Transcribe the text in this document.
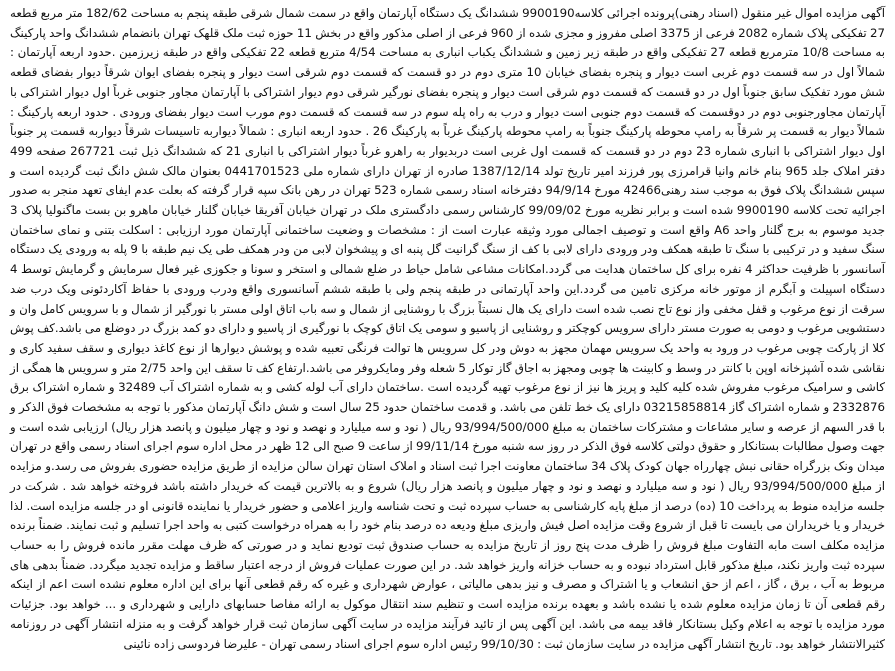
آگهی مزایده اموال غیر منقول (اسناد رهنی)پرونده اجرائی کلاسه9900190 ششدانگ یک دستگاه آپارتمان واقع در سمت شمال شرقی طبقه پنجم به مساحت 182/62 متر مربع قطعه 27 تفکیکی پلاک شماره 2082 فرعی از 3375 اصلی مفروز و مجزی شده از 960 فرعی از اصلی مذکور واقع در بخش 11 حوزه ثبت ملک قلهک تهران بانضمام ششدانگ واحد پارکینگ به مساحت 10/8 مترمربع قطعه 27 تفکیکی واقع در طبقه زیر زمین و ششدانگ یکباب انباری به مساحت 4/54 متربع قطعه 22 تفکیکی واقع در طبقه زیرزمین .حدود اربعه آپارتمان : شمالاً اول در سه قسمت دوم غربی است دیوار و پنجره بفضای خیابان 10 متری دوم در دو قسمت که قسمت دوم شرقی است دیوار و پنجره بفضای ایوان شرقاً دیوار بفضای قطعه شش مورد تفکیک سابق جنوباً اول در دو قسمت که قسمت دوم شرقی است دیوار و پنجره بفضای نورگیر شرقی دوم دیوار اشتراکی با آپارتمان مجاور جنوبی غرباً اول دیوار اشتراکی با آپارتمان مجاورجنوبی دوم در دوقسمت که قسمت دوم جنوبی است دیوار و درب به راه پله سوم در سه قسمت که قسمت دوم مورب است دیوار بفضای ورودی . حدود اربعه پارکینگ : شمالاً دیوار به قسمت پر شرقاً به رامپ محوطه پارکینگ جنوباً به رامپ محوطه پارکینگ غرباً به پارکینگ 26 . حدود اربعه انباری : شمالاً دیواربه تاسیسات شرقاً دیواربه قسمت پر جنوباً اول دیوار اشتراکی با انباری شماره 23 دوم در دو قسمت که قسمت اول غربی است دربدیوار به راهرو غرباً دیوار اشتراکی با انباری 21 که ششدانگ ذیل ثبت 267721 صفحه 499 دفتر املاک جلد 965 بنام خانم وانیا قرامرزی پور فرزند امیر تاریخ تولد 1387/12/14 صادره از تهران دارای شماره ملی 0441701523 بعنوان مالک شش دانگ ثبت گردیده است و سپس ششدانگ پلاک فوق به موجب سند رهنی42466 مورخ 94/9/14 دفترخانه اسناد رسمی شماره 523 تهران در رهن بانک سپه قرار گرفته که بعلت عدم ایفای تعهد منجر به صدور اجرائیه تحت کلاسه 9900190 شده است و برابر نظریه مورخ 99/09/02 کارشناس رسمی دادگستری ملک در تهران خیابان آفریقا خیابان گلنار خیابان ماهرو بن بست ماگنولیا پلاک 3 جدید موسوم به برج گلنار واحد A6 واقع است و توصیف اجمالی مورد وثیقه عبارت است از : مشخصات و وضعیت ساختمانی آپارتمان مورد ارزیابی : اسکلت بتنی و نمای ساختمان سنگ سفید و در ترکیبی با سنگ تا طبقه همکف ودر ورودی دارای لابی با کف از سنگ گرانیت گل پنبه ای و پیشخوان لابی من ودر همکف طی یک نیم طبقه با 9 پله به ورودی یک دستگاه آسانسور با ظرفیت حداکثر 4 نفره برای کل ساختمان هدایت می گردد.امکانات مشاعی شامل حیاط در ضلع شمالی و استخر و سونا و جکوزی غیر فعال سرمایش و گرمایش توسط 4 دستگاه اسپیلت و آبگرم از موتور خانه مرکزی تامین می گردد.این واحد آپارتمانی در طبقه پنجم ولی با طبقه ششم آسانسوری واقع ودرب ورودی با حفاظ آکاردئونی ویک درب ضد سرقت از نوع مرغوب و قفل مخفی واز نوع تاج نصب شده است دارای یک هال نسبتاً بزرگ با روشنایی از شمال و سه باب اتاق اولی مستر با نورگیر از شمال و با سرویس کامل وان و دستشویی مرغوب و دومی به صورت مستر دارای سرویس کوچکتر و روشنایی از پاسیو و سومی یک اتاق کوچک با نورگیری از پاسیو و دارای دو کمد بزرگ در دوضلع می باشد.کف پوش کلا از پارکت چوبی مرغوب در ورود به واحد یک سرویس مهمان مجهز به دوش ودر کل سرویس ها توالت فرنگی تعبیه شده و پوشش دیوارها از نوع کاغذ دیواری و سقف سفید کاری و نقاشی شده آشپزخانه اوپن با کانتر در وسط و کابینت ها چوبی ومجهز به اجاق گاز توکار 5 شعله وفر ومایکروفر می باشد.ارتفاع کف تا سقف این واحد 2/75 متر و سرویس ها همگی از کاشی و سرامیک مرغوب مفروش شده کلیه کلید و پریز ها نیز از نوع مرغوب تهیه گردیده است .ساختمان دارای آب لوله کشی و به شماره اشتراک آب 32489 و شماره اشتراک برق 2332876 و شماره اشتراک گاز 03215858814 دارای یک خط تلفن می باشد. و قدمت ساختمان حدود 25 سال است و شش دانگ آپارتمان مذکور با توجه به مشخصات فوق الذکر و با قدر السهم از عرصه و سایر مشاعات و مشترکات ساختمان به مبلغ 93/994/500/000 ریال ( نود و سه میلیارد و نهصد و نود و چهار میلیون و پانصد هزار ریال) ارزیابی شده است و جهت وصول مطالبات بستانکار و حقوق دولتی کلاسه فوق الذکر در روز سه شنبه مورخ 99/11/14 از ساعت 9 صبح الی 12 ظهر در محل اداره سوم اجرای اسناد رسمی واقع در تهران میدان ونک بزرگراه حقانی نبش چهارراه جهان کودک پلاک 34 ساختمان معاونت اجرا ثبت اسناد و املاک استان تهران سالن مزایده از طریق مزایده حضوری بفروش می رسد.و مزایده از مبلغ 93/994/500/000 ریال ( نود و سه میلیارد و نهصد و نود و چهار میلیون و پانصد هزار ریال) شروع و به بالاترین قیمت که خریدار داشته باشد فروخته خواهد شد . شرکت در جلسه مزایده منوط به پرداخت 10 (ده) درصد از مبلغ پایه کارشناسی به حساب سپرده ثبت و تحت شناسه واریز اعلامی و حضور خریدار یا نماینده قانونی او در جلسه مزایده است. لذا خریدار و یا خریداران می بایست تا قبل از شروع وقت مزایده اصل فیش واریزی مبلغ ودیعه ده درصد بنام خود را به همراه درخواست کتبی به واحد اجرا تسلیم و ثبت نمایند. ضمناً برنده مزایده مکلف است مابه التفاوت مبلغ فروش را ظرف مدت پنج روز از تاریخ مزایده به حساب صندوق ثبت تودیع نماید و در صورتی که ظرف مهلت مقرر مانده فروش را به حساب سپرده ثبت واریز نکند، مبلغ مذکور قابل استرداد نبوده و به حساب خزانه واریز خواهد شد. در این صورت عملیات فروش از درجه اعتبار ساقط و مزایده تجدید میگردد. ضمناً بدهی های مربوط به آب ، برق ، گاز ، اعم از حق انشعاب و یا اشتراک و مصرف و نیز بدهی مالیاتی ، عوارض شهرداری و غیره که رقم قطعی آنها برای این اداره معلوم نشده است اعم از اینکه رقم قطعی آن تا زمان مزایده معلوم شده یا نشده باشد و بعهده برنده مزایده است و تنظیم سند انتقال موکول به ارائه مفاصا حسابهای دارایی و شهرداری و ... خواهد بود. جزئیات مورد مزایده با توجه به اعلام وکیل بستانکار فاقد بیمه می باشد. این آگهی پس از تائید فرآیند مزایده در سایت آگهی سازمان ثبت قرار خواهد گرفت و به منزله انتشار آگهی در روزنامه کثیرالانتشار خواهد بود. تاریخ انتشار آگهی مزایده در سایت سازمان ثبت : 99/10/30 رئیس اداره سوم اجرای اسناد رسمی تهران - علیرضا فردوسی زاده نائینی
